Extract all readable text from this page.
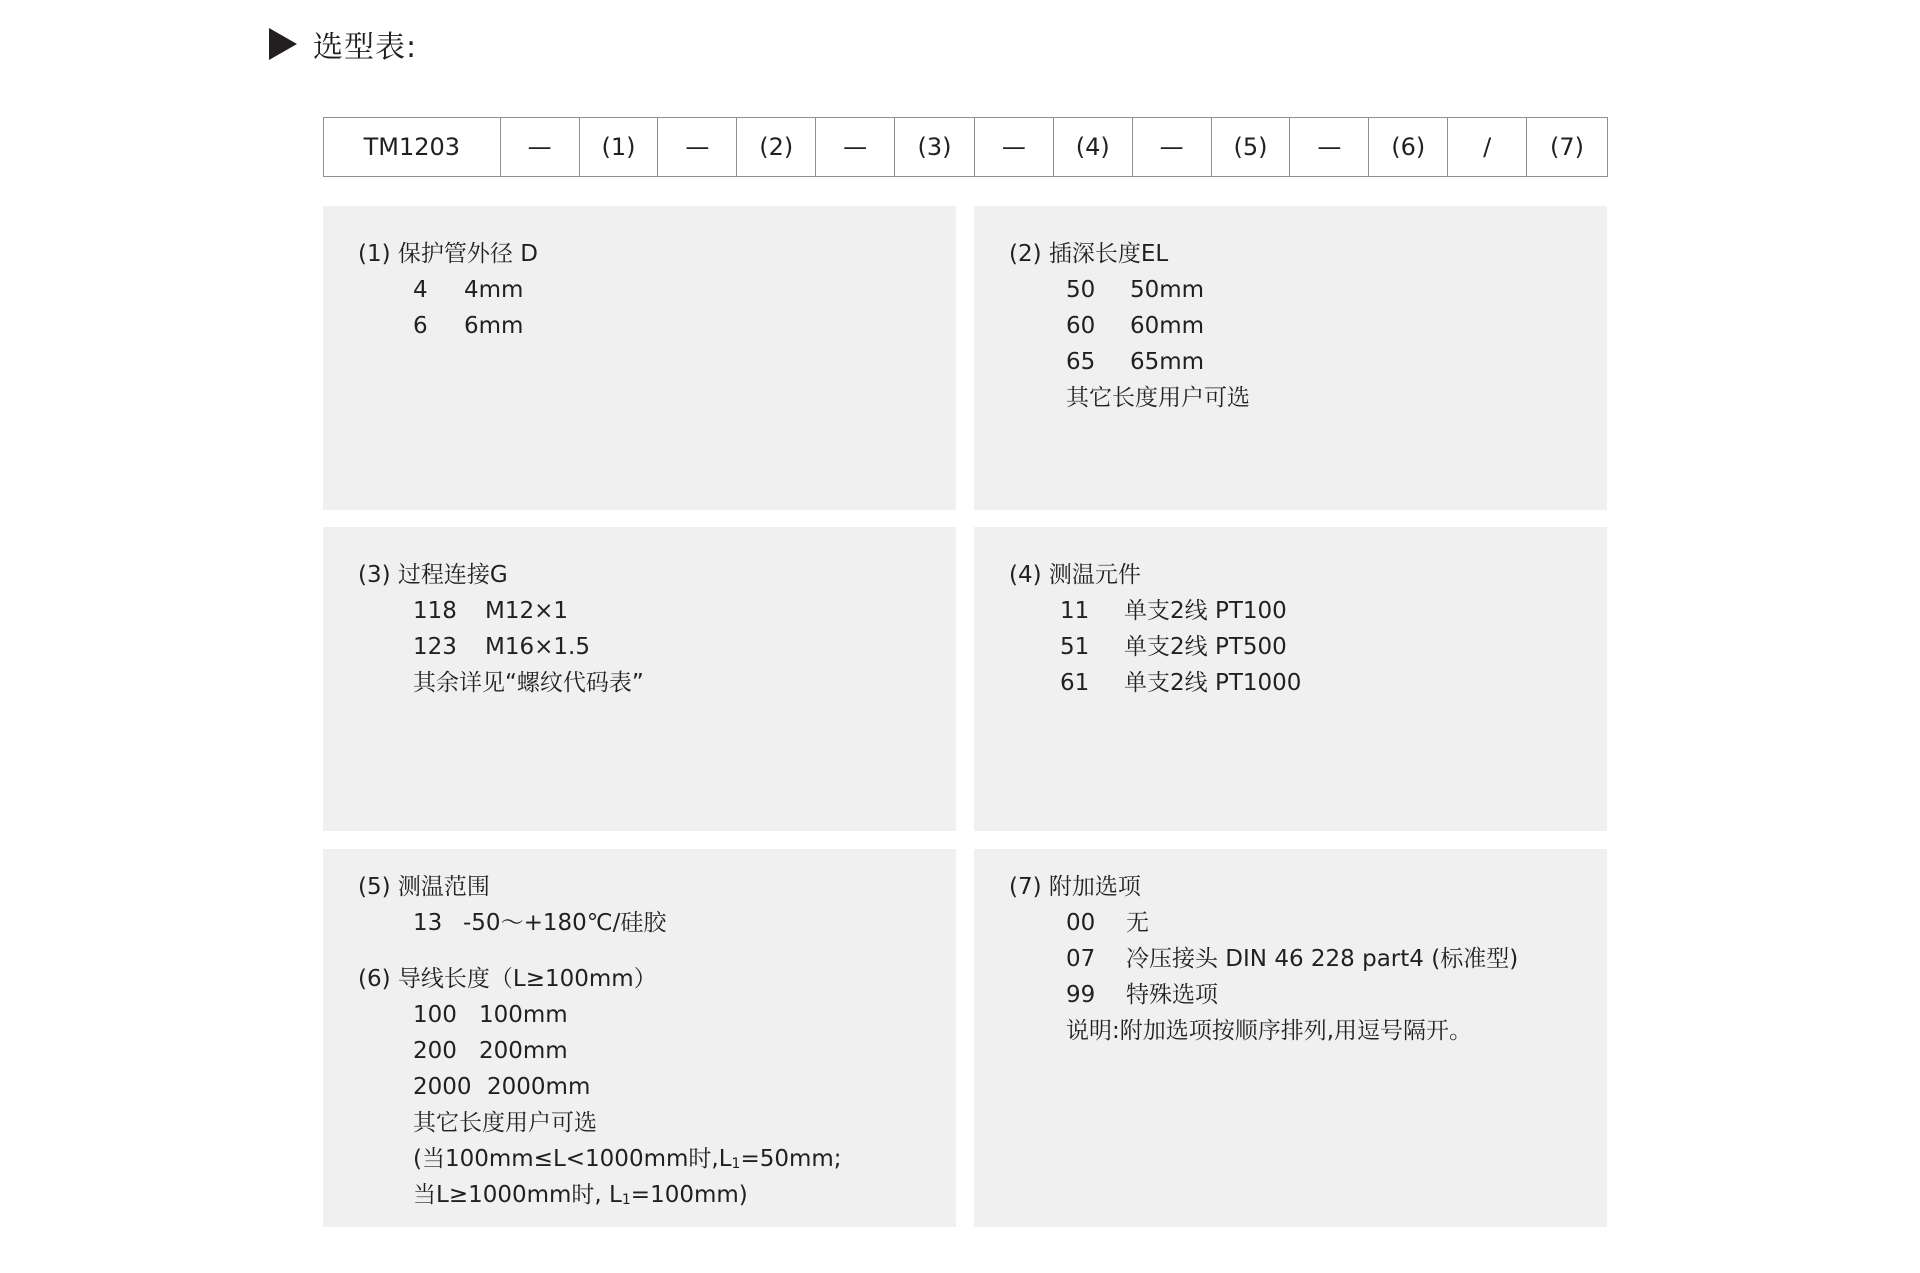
选型表:
TM1203	—	(1)	—	(2)	—	(3)	—	(4)	—	(5)	—	(6)	/	(7)
(1) 保护管外径 D
4	4mm
6	6mm
(2) 插深长度EL
50	50mm
60	60mm
65	65mm
其它长度用户可选
(3) 过程连接G
118	M12×1
123	M16×1.5
其余详见“螺纹代码表”
(4) 测温元件
11	单支2线 PT100
51	单支2线 PT500
61	单支2线 PT1000
(5) 测温范围
13 -50～+180℃/硅胶
(6) 导线长度（L≥100mm）
100 100mm
200 200mm
2000 2000mm
其它长度用户可选
(当100mm≤L<1000mm时$,L_1=50mm$;
当L≥1000mm时, $L_1=100mm$)
(7) 附加选项
00	无
07	冷压接头 DIN 46 228 part4 (标准型)
99	特殊选项
说明:附加选项按顺序排列,用逗号隔开。
